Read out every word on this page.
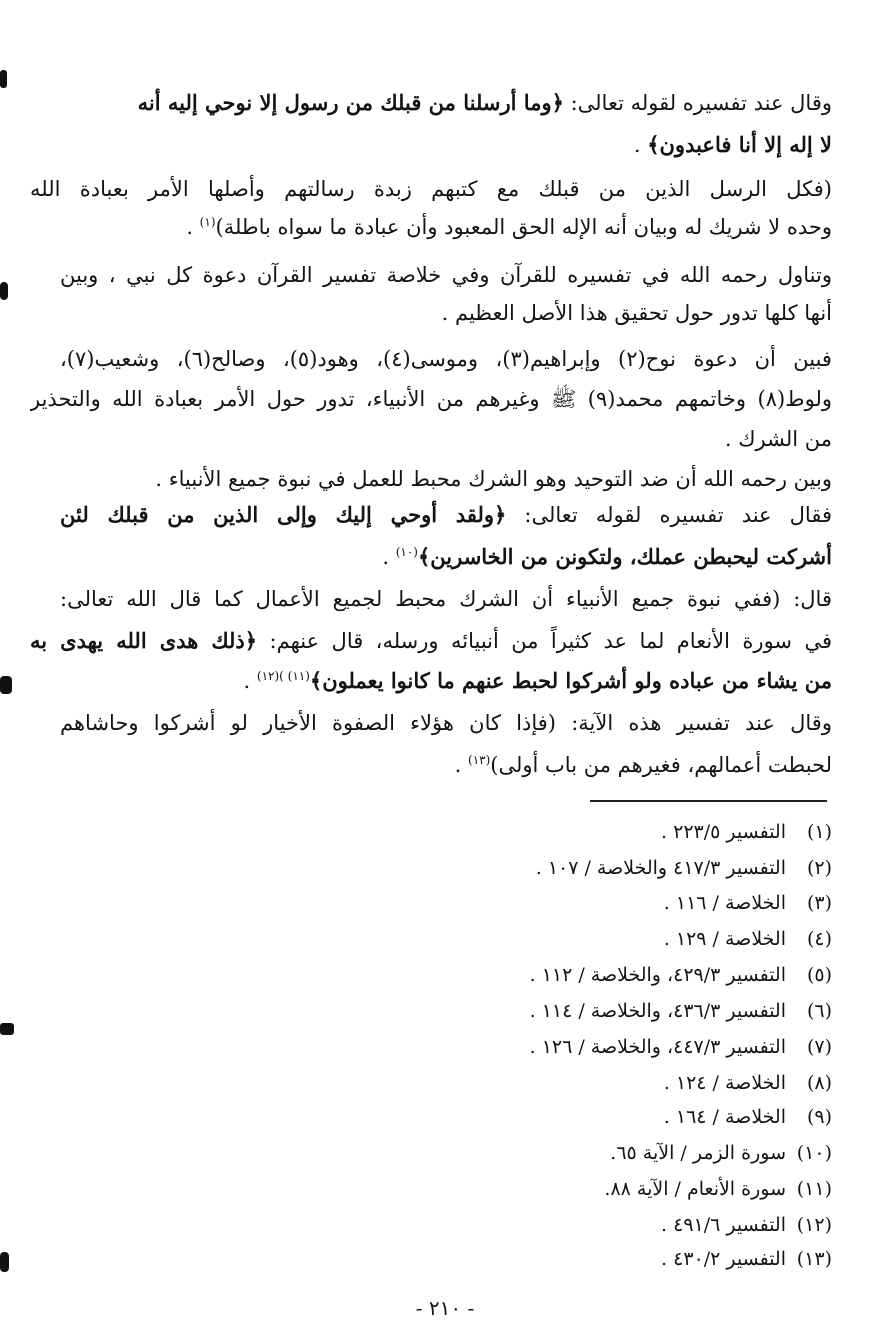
وقال عند تفسيره لقوله تعالى: ﴿وما أرسلنا من قبلك من رسول إلا نوحي إليه أنه
لا إله إلا أنا فاعبدون﴾ .
(فكل الرسل الذين من قبلك مع كتبهم زبدة رسالتهم وأصلها الأمر بعبادة الله
وحده لا شريك له وبيان أنه الإله الحق المعبود وأن عبادة ما سواه باطلة)$^{(١)}$ .
وتناول رحمه الله في تفسيره للقرآن وفي خلاصة تفسير القرآن دعوة كل نبي ، وبين
أنها كلها تدور حول تحقيق هذا الأصل العظيم .
فبين أن دعوة نوح(٢) وإبراهيم(٣)، وموسى(٤)، وهود(٥)، وصالح(٦)، وشعيب(٧)،
ولوط(٨) وخاتمهم محمد(٩) ﷺ وغيرهم من الأنبياء، تدور حول الأمر بعبادة الله والتحذير
من الشرك .
وبين رحمه الله أن ضد التوحيد وهو الشرك محبط للعمل في نبوة جميع الأنبياء .
فقال عند تفسيره لقوله تعالى: ﴿ولقد أوحي إليك وإلى الذين من قبلك لئن
أشركت ليحبطن عملك، ولتكونن من الخاسرين﴾$^{(١٠)}$ .
قال: (ففي نبوة جميع الأنبياء أن الشرك محبط لجميع الأعمال كما قال الله تعالى:
في سورة الأنعام لما عد كثيراً من أنبيائه ورسله، قال عنهم: ﴿ذلك هدى الله يهدى به
من يشاء من عباده ولو أشركوا لحبط عنهم ما كانوا يعملون﴾$^{(١١) )(١٢)}$ .
وقال عند تفسير هذه الآية: (فإذا كان هؤلاء الصفوة الأخيار لو أشركوا وحاشاهم
لحبطت أعمالهم، فغيرهم من باب أولى)$^{(١٣)}$ .
(١)التفسير ٢٢٣/٥ .
(٢)التفسير ٤١٧/٣ والخلاصة / ١٠٧ .
(٣)الخلاصة / ١١٦ .
(٤)الخلاصة / ١٢٩ .
(٥)التفسير ٤٢٩/٣، والخلاصة / ١١٢ .
(٦)التفسير ٤٣٦/٣، والخلاصة / ١١٤ .
(٧)التفسير ٤٤٧/٣، والخلاصة / ١٢٦ .
(٨)الخلاصة / ١٢٤ .
(٩)الخلاصة / ١٦٤ .
(١٠)سورة الزمر / الآية ٦٥.
(١١)سورة الأنعام / الآية ٨٨.
(١٢)التفسير ٤٩١/٦ .
(١٣)التفسير ٤٣٠/٢ .
- ٢١٠ -
